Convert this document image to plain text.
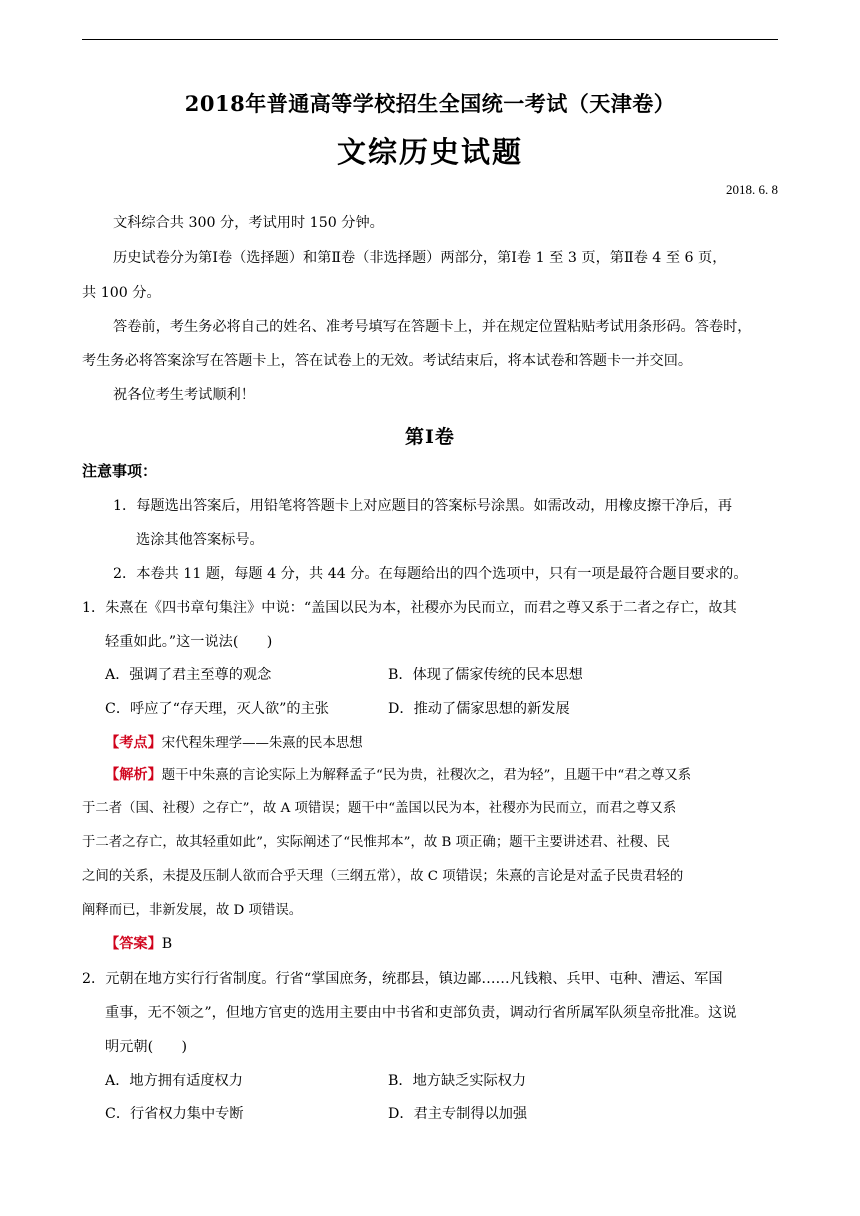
2018年普通高等学校招生全国统一考试（天津卷）
文综历史试题
2018. 6. 8
文科综合共 300 分，考试用时 150 分钟。
历史试卷分为第Ⅰ卷（选择题）和第Ⅱ卷（非选择题）两部分，第Ⅰ卷 1 至 3 页，第Ⅱ卷 4 至 6 页，
共 100 分。
答卷前，考生务必将自己的姓名、准考号填写在答题卡上，并在规定位置粘贴考试用条形码。答卷时，
考生务必将答案涂写在答题卡上，答在试卷上的无效。考试结束后，将本试卷和答题卡一并交回。
祝各位考生考试顺利！
第Ⅰ卷
注意事项：
1．每题选出答案后，用铅笔将答题卡上对应题目的答案标号涂黑。如需改动，用橡皮擦干净后，再
选涂其他答案标号。
2．本卷共 11 题，每题 4 分，共 44 分。在每题给出的四个选项中，只有一项是最符合题目要求的。
1．朱熹在《四书章句集注》中说：“盖国以民为本，社稷亦为民而立，而君之尊又系于二者之存亡，故其
轻重如此。”这一说法(　　)
A．强调了君主至尊的观念	B．体现了儒家传统的民本思想
C．呼应了“存天理，灭人欲”的主张	D．推动了儒家思想的新发展
【考点】宋代程朱理学——朱熹的民本思想
【解析】题干中朱熹的言论实际上为解释孟子“民为贵，社稷次之，君为轻”，且题干中“君之尊又系
于二者（国、社稷）之存亡”，故 A 项错误；题干中“盖国以民为本，社稷亦为民而立，而君之尊又系
于二者之存亡，故其轻重如此”，实际阐述了“民惟邦本”，故 B 项正确；题干主要讲述君、社稷、民
之间的关系，未提及压制人欲而合乎天理（三纲五常），故 C 项错误；朱熹的言论是对孟子民贵君轻的
阐释而已，非新发展，故 D 项错误。
【答案】B
2．元朝在地方实行行省制度。行省“掌国庶务，统郡县，镇边鄙……凡钱粮、兵甲、屯种、漕运、军国
重事，无不领之”，但地方官吏的选用主要由中书省和吏部负责，调动行省所属军队须皇帝批准。这说
明元朝(　　)
A．地方拥有适度权力	B．地方缺乏实际权力
C．行省权力集中专断	D．君主专制得以加强
